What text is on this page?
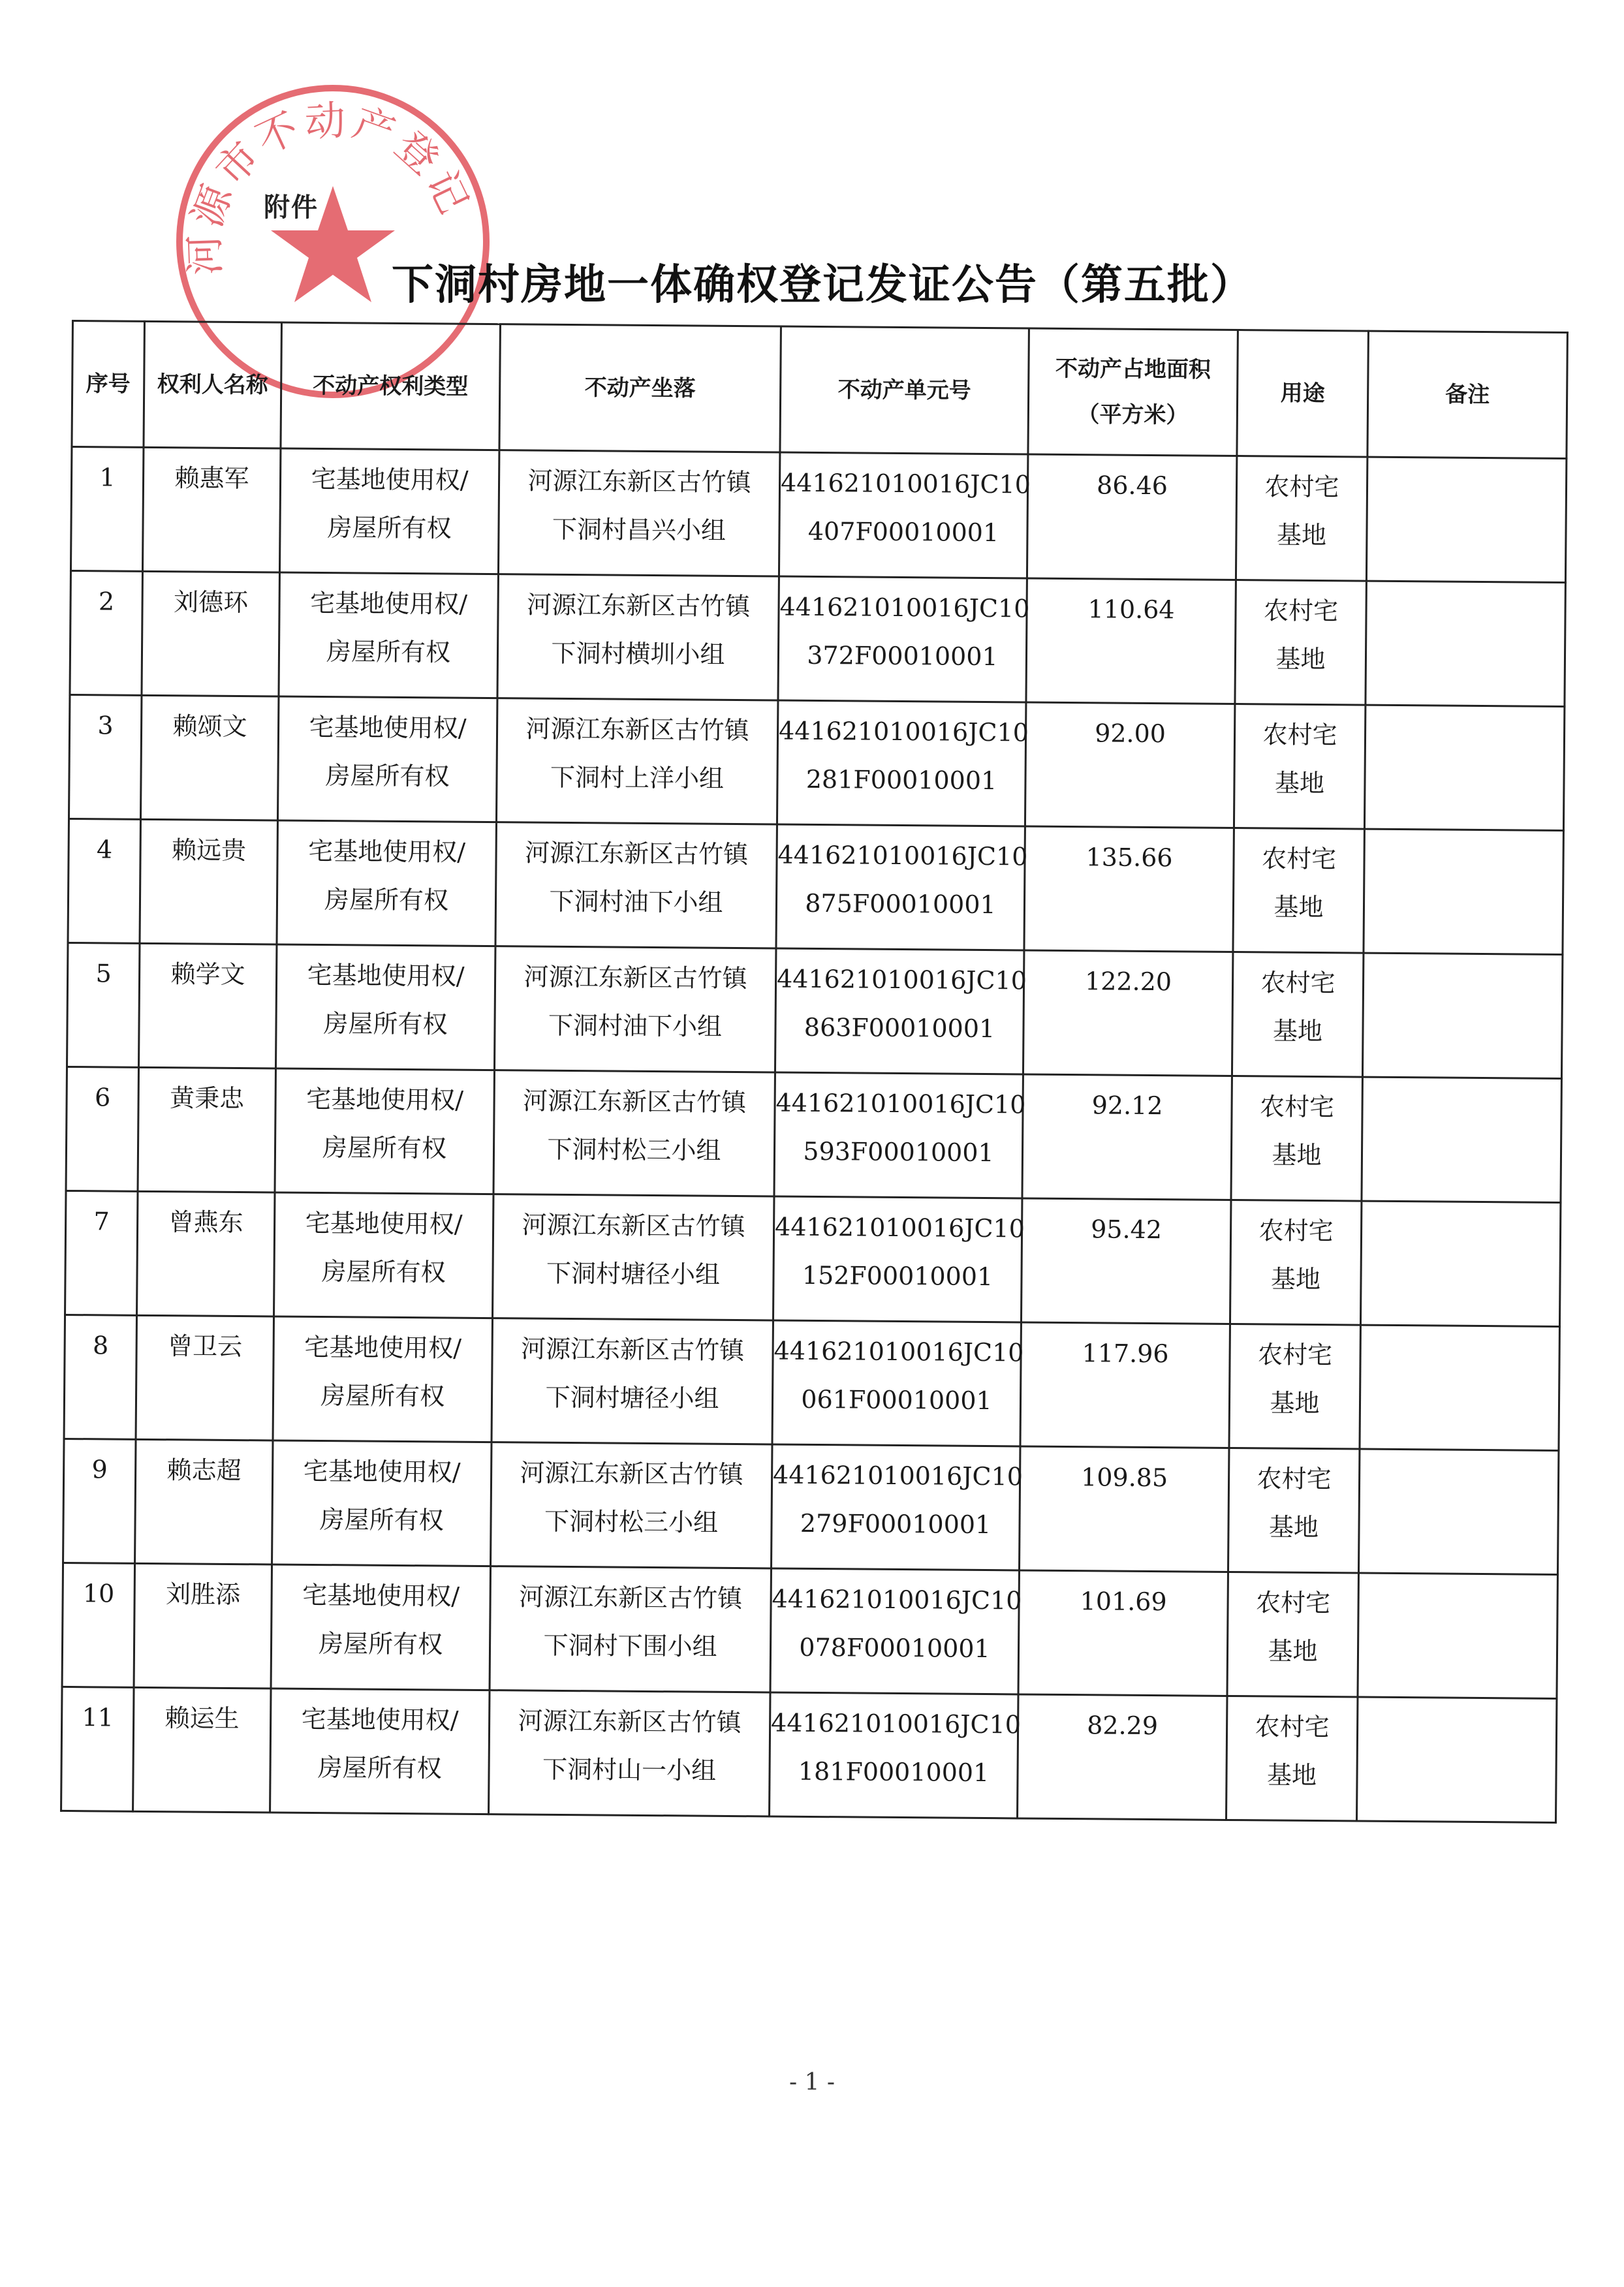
河源市不动产登记
附件
下洞村房地一体确权登记发证公告（第五批）
序号	权利人名称	不动产权利类型	不动产坐落	不动产单元号	不动产占地面积
（平方米）	用途	备注

1	赖惠军	宅基地使用权/
房屋所有权	河源江东新区古竹镇
下洞村昌兴小组	441621010016JC10
407F00010001	86.46	农村宅
基地	

2	刘德环	宅基地使用权/
房屋所有权	河源江东新区古竹镇
下洞村横圳小组	441621010016JC10
372F00010001	110.64	农村宅
基地	

3	赖颂文	宅基地使用权/
房屋所有权	河源江东新区古竹镇
下洞村上洋小组	441621010016JC10
281F00010001	92.00	农村宅
基地	

4	赖远贵	宅基地使用权/
房屋所有权	河源江东新区古竹镇
下洞村油下小组	441621010016JC10
875F00010001	135.66	农村宅
基地	

5	赖学文	宅基地使用权/
房屋所有权	河源江东新区古竹镇
下洞村油下小组	441621010016JC10
863F00010001	122.20	农村宅
基地	

6	黄秉忠	宅基地使用权/
房屋所有权	河源江东新区古竹镇
下洞村松三小组	441621010016JC10
593F00010001	92.12	农村宅
基地	

7	曾燕东	宅基地使用权/
房屋所有权	河源江东新区古竹镇
下洞村塘径小组	441621010016JC10
152F00010001	95.42	农村宅
基地	

8	曾卫云	宅基地使用权/
房屋所有权	河源江东新区古竹镇
下洞村塘径小组	441621010016JC10
061F00010001	117.96	农村宅
基地	

9	赖志超	宅基地使用权/
房屋所有权	河源江东新区古竹镇
下洞村松三小组	441621010016JC10
279F00010001	109.85	农村宅
基地	

10	刘胜添	宅基地使用权/
房屋所有权	河源江东新区古竹镇
下洞村下围小组	441621010016JC10
078F00010001	101.69	农村宅
基地	

11	赖运生	宅基地使用权/
房屋所有权	河源江东新区古竹镇
下洞村山一小组	441621010016JC10
181F00010001	82.29	农村宅
基地	

- 1 -
